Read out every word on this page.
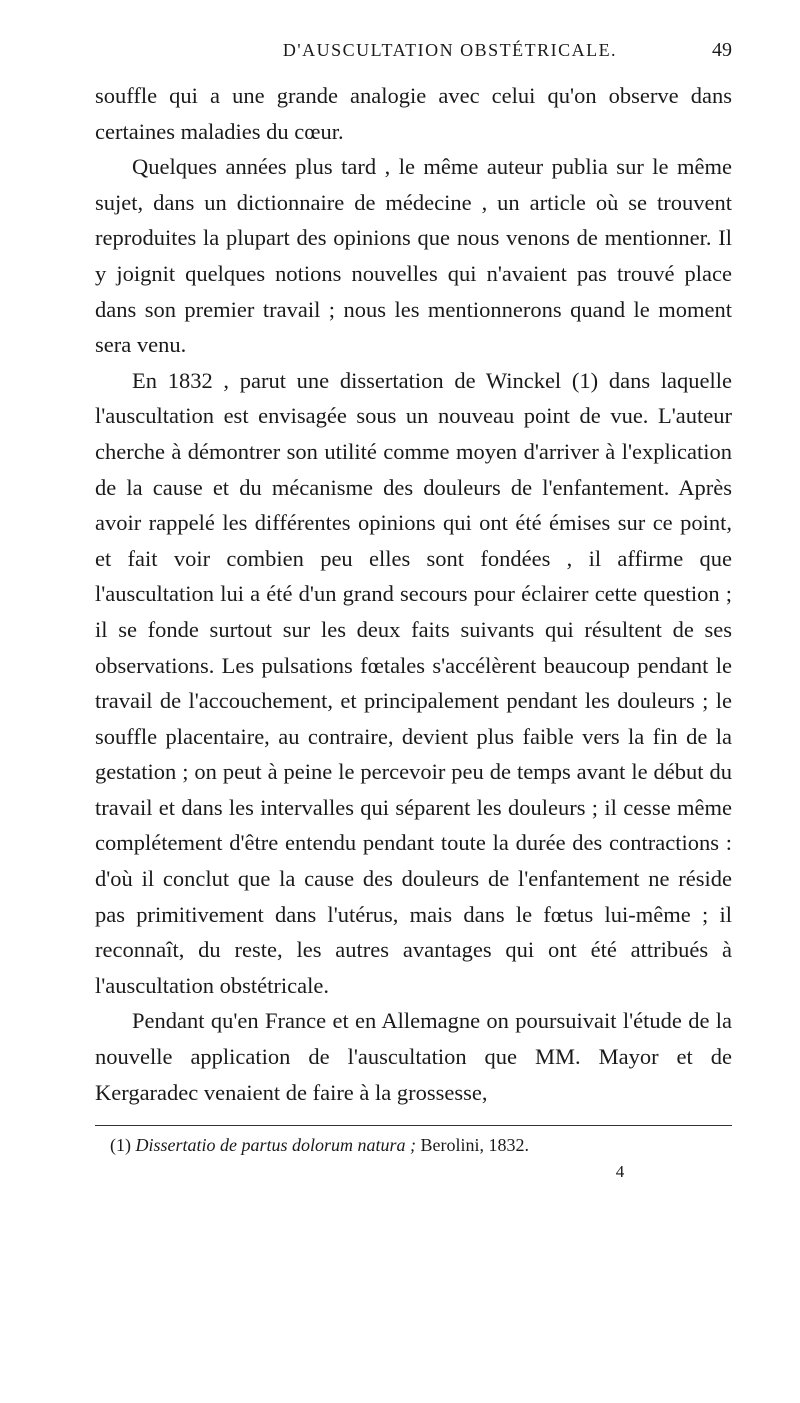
D'AUSCULTATION OBSTÉTRICALE.	49

souffle qui a une grande analogie avec celui qu'on observe dans certaines maladies du cœur.

Quelques années plus tard , le même auteur publia sur le même sujet, dans un dictionnaire de médecine , un article où se trouvent reproduites la plupart des opinions que nous venons de mentionner. Il y joignit quelques notions nouvelles qui n'avaient pas trouvé place dans son premier travail ; nous les mentionnerons quand le moment sera venu.

En 1832 , parut une dissertation de Winckel (1) dans laquelle l'auscultation est envisagée sous un nouveau point de vue. L'auteur cherche à démontrer son utilité comme moyen d'arriver à l'explication de la cause et du mécanisme des douleurs de l'enfantement. Après avoir rappelé les différentes opinions qui ont été émises sur ce point, et fait voir combien peu elles sont fondées , il affirme que l'auscultation lui a été d'un grand secours pour éclairer cette question ; il se fonde surtout sur les deux faits suivants qui résultent de ses observations. Les pulsations fœtales s'accélèrent beaucoup pendant le travail de l'accouchement, et principalement pendant les douleurs ; le souffle placentaire, au contraire, devient plus faible vers la fin de la gestation ; on peut à peine le percevoir peu de temps avant le début du travail et dans les intervalles qui séparent les douleurs ; il cesse même complétement d'être entendu pendant toute la durée des contractions : d'où il conclut que la cause des douleurs de l'enfantement ne réside pas primitivement dans l'utérus, mais dans le fœtus lui-même ; il reconnaît, du reste, les autres avantages qui ont été attribués à l'auscultation obstétricale.

Pendant qu'en France et en Allemagne on poursuivait l'étude de la nouvelle application de l'auscultation que MM. Mayor et de Kergaradec venaient de faire à la grossesse,

(1) Dissertatio de partus dolorum natura ; Berolini, 1832.
4
